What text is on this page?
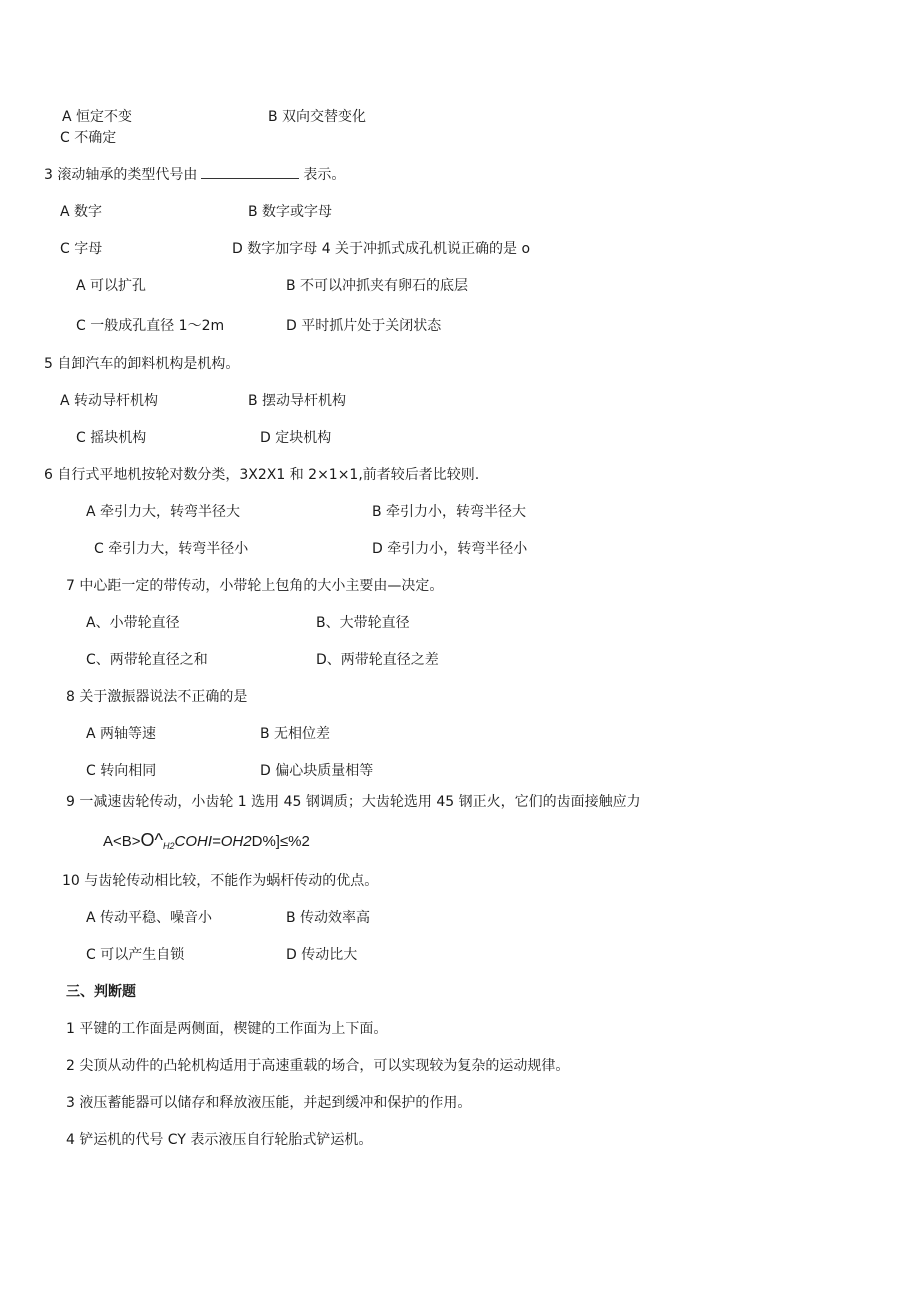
A 恒定不变	B 双向交替变化
C 不确定
3 滚动轴承的类型代号由	表示。
A 数字	B 数字或字母
C 字母	D 数字加字母 4 关于冲抓式成孔机说正确的是 o
A 可以扩孔	B 不可以冲抓夹有卵石的底层
C 一般成孔直径 1～2m	D 平时抓片处于关闭状态
5 自卸汽车的卸料机构是机构。
A 转动导杆机构	B 摆动导杆机构
C 摇块机构	D 定块机构
6 自行式平地机按轮对数分类，3X2X1 和 2×1×1,前者较后者比较则.
A 牵引力大，转弯半径大	B 牵引力小，转弯半径大
C 牵引力大，转弯半径小	D 牵引力小，转弯半径小
7 中心距一定的带传动，小带轮上包角的大小主要由—决定。
A、小带轮直径	B、大带轮直径
C、两带轮直径之和	D、两带轮直径之差
8 关于激振器说法不正确的是
A 两轴等速	B 无相位差
C 转向相同	D 偏心块质量相等
9 一减速齿轮传动，小齿轮 1 选用 45 钢调质；大齿轮选用 45 钢正火，它们的齿面接触应力
$A<B>O\^{}_{H2}COHI=OH2D\%]\le\%2$
10 与齿轮传动相比较，不能作为蜗杆传动的优点。
A 传动平稳、噪音小	B 传动效率高
C 可以产生自锁	D 传动比大
三、判断题
1 平键的工作面是两侧面，楔键的工作面为上下面。
2 尖顶从动件的凸轮机构适用于高速重载的场合，可以实现较为复杂的运动规律。
3 液压蓄能器可以储存和释放液压能，并起到缓冲和保护的作用。
4 铲运机的代号 CY 表示液压自行轮胎式铲运机。
